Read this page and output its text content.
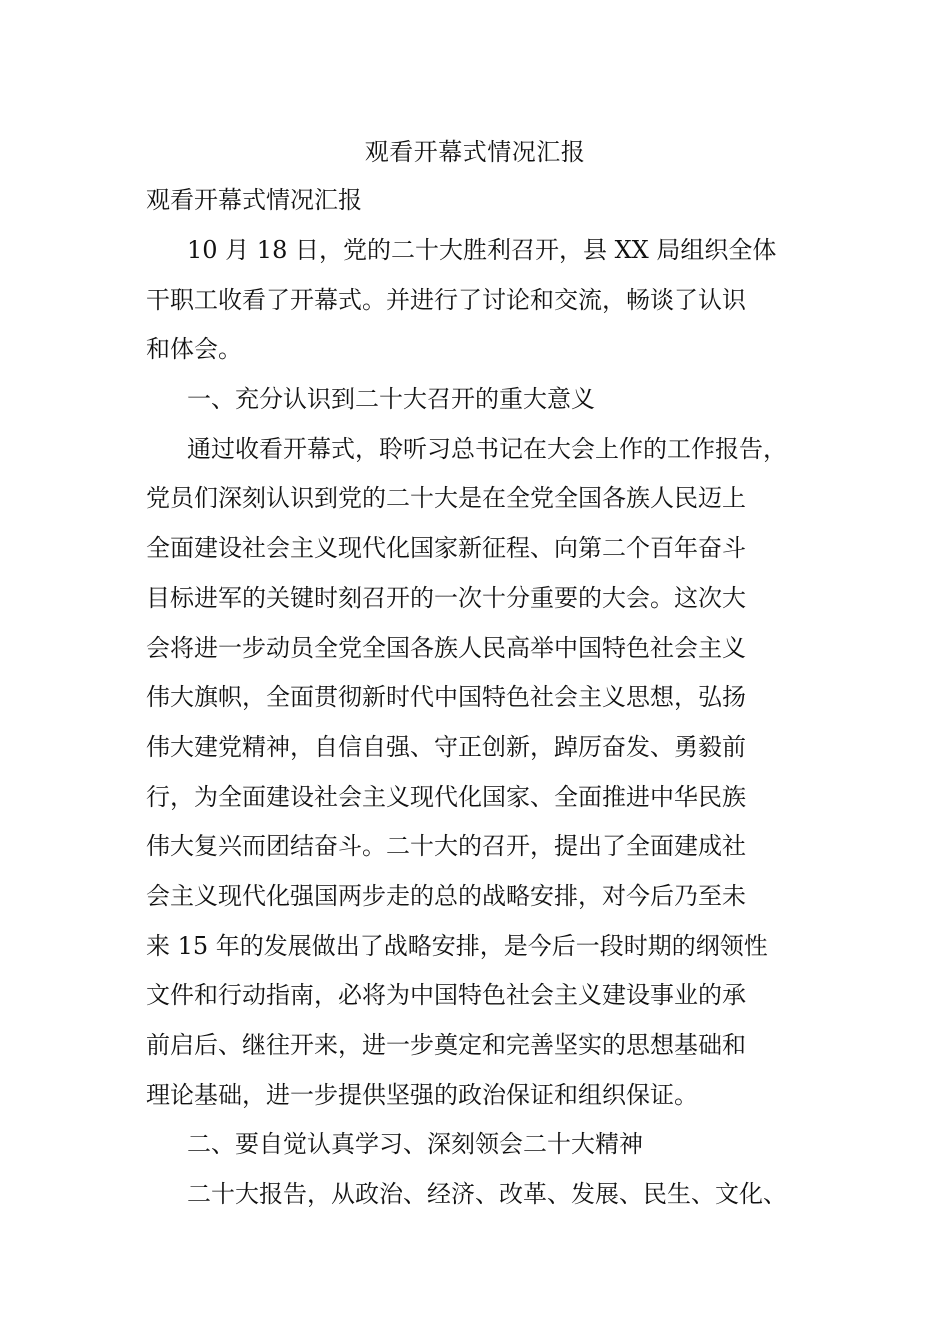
观看开幕式情况汇报
观看开幕式情况汇报
10 月 18 日，党的二十大胜利召开，县 XX 局组织全体
干职工收看了开幕式。并进行了讨论和交流，畅谈了认识
和体会。
一、充分认识到二十大召开的重大意义
通过收看开幕式，聆听习总书记在大会上作的工作报告，
党员们深刻认识到党的二十大是在全党全国各族人民迈上
全面建设社会主义现代化国家新征程、向第二个百年奋斗
目标进军的关键时刻召开的一次十分重要的大会。这次大
会将进一步动员全党全国各族人民高举中国特色社会主义
伟大旗帜，全面贯彻新时代中国特色社会主义思想，弘扬
伟大建党精神，自信自强、守正创新，踔厉奋发、勇毅前
行，为全面建设社会主义现代化国家、全面推进中华民族
伟大复兴而团结奋斗。二十大的召开，提出了全面建成社
会主义现代化强国两步走的总的战略安排，对今后乃至未
来 15 年的发展做出了战略安排，是今后一段时期的纲领性
文件和行动指南，必将为中国特色社会主义建设事业的承
前启后、继往开来，进一步奠定和完善坚实的思想基础和
理论基础，进一步提供坚强的政治保证和组织保证。
二、要自觉认真学习、深刻领会二十大精神
二十大报告，从政治、经济、改革、发展、民生、文化、
